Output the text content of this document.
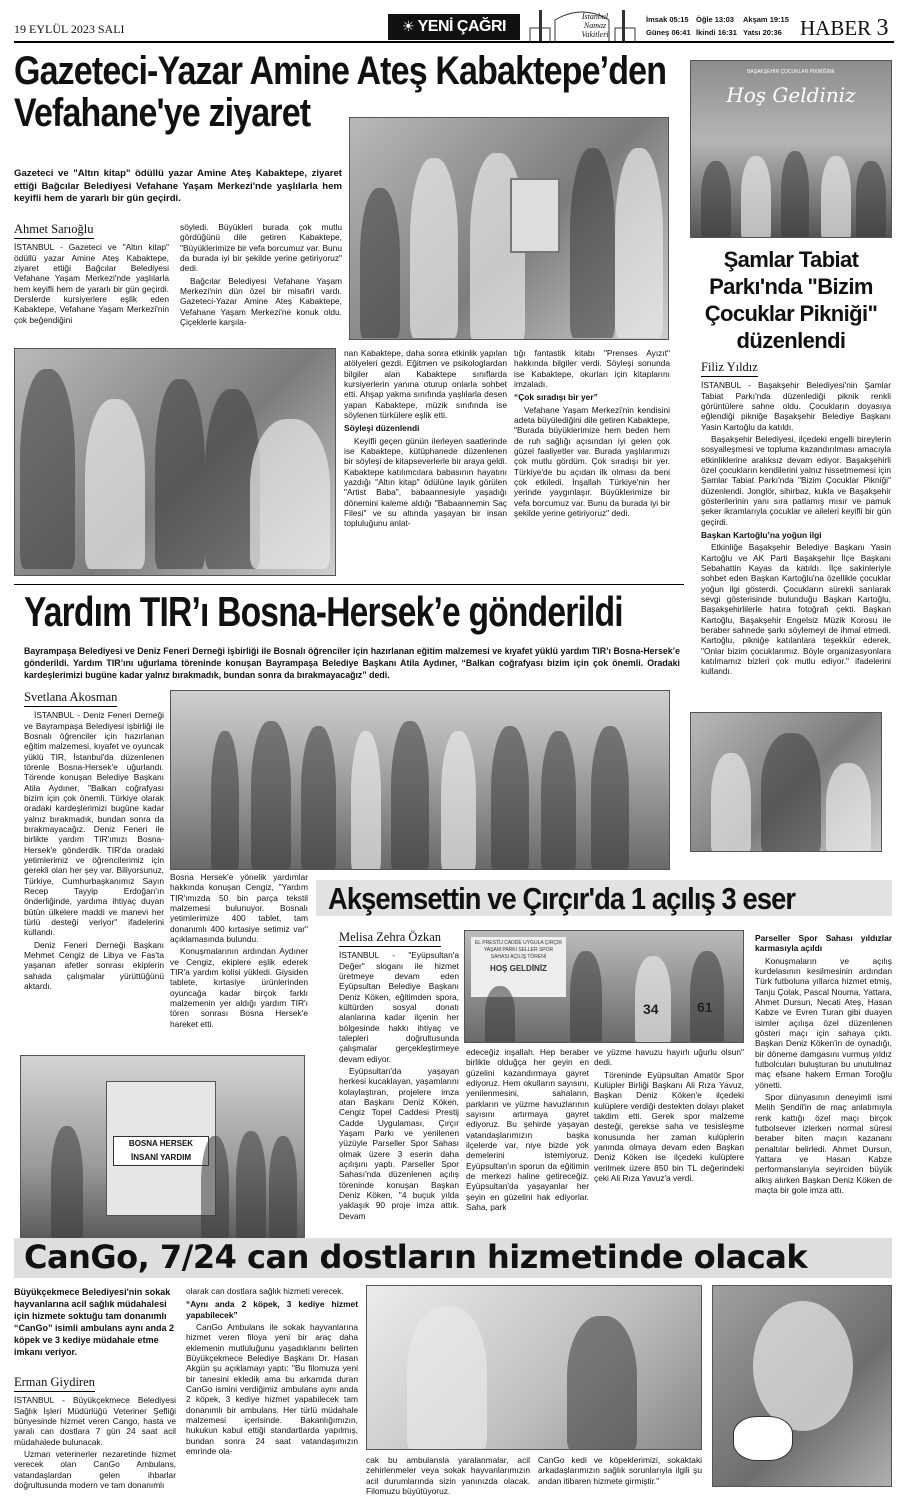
19 EYLÜL 2023 SALI	☀ YENİ ÇAĞRI
İstanbul
Namaz
Vakitleri
İmsak 05:15 Öğle 13:03	Akşam 19:15
Güneş 06:41 İkindi 16:31 Yatsı 20:36 HABER 3
Gazeteci-Yazar Amine Ateş Kabaktepe’den
Vefahane'ye ziyaret
Gazeteci ve "Altın kitap" ödüllü yazar Amine Ateş Kabaktepe, ziyaret ettiği Bağcılar Belediyesi Vefahane Yaşam Merkezi'nde yaşlılarla hem keyifli hem de yararlı bir gün geçirdi.
Ahmet Sarıoğlu

İSTANBUL - Gazeteci ve "Altın kitap" ödüllü yazar Amine Ateş Kabaktepe, ziyaret ettiği Bağcılar Belediyesi Vefahane Yaşam Merkezi'nde yaşlılarla hem keyifli hem de yararlı bir gün geçirdi. Derslerde kursiyerlere eşlik eden Kabaktepe, Vefahane Yaşam Merkezi'nin çok beğendiğini

söyledi. Büyükleri burada çok mutlu gördüğünü dile getiren Kabaktepe, "Büyüklerimize bir vefa borcumuz var. Bunu da burada iyi bir şekilde yerine getiriyoruz" dedi.

Bağcılar Belediyesi Vefahane Yaşam Merkezi'nin dün özel bir misafiri vardı. Gazeteci-Yazar Amine Ateş Kabaktepe, Vefahane Yaşam Merkezi'ne konuk oldu. Çiçeklerle karşıla-

nan Kabaktepe, daha sonra etkinlik yapılan atölyeleri gezdi. Eğitmen ve psikologlardan bilgiler alan Kabaktepe sınıflarda kursiyerlerin yanına oturup onlarla sohbet etti. Ahşap yakma sınıfında yaşlılarla desen yapan Kabaktepe, müzik sınıfında ise söylenen türkülere eşlik etti.

Söyleşi düzenlendi

Keyifli geçen günün ilerleyen saatlerinde ise Kabaktepe, kütüphanede düzenlenen bir söyleşi de kitapseverlerle bir araya geldi. Kabaktepe katılımcılara babasının hayatını yazdığı "Altın kitap" ödülüne layık görülen "Artist Baba", babaannesiyle yaşadığı dönemini kaleme aldığı "Babaannemin Saç Filesi" ve su altında yaşayan bir insan topluluğunu anlat-

tığı fantastik kitabı "Prenses Ayızıt" hakkında bilgiler verdi. Söyleşi sonunda ise Kabaktepe, okurları için kitaplarını imzaladı.

“Çok sıradışı bir yer”

Vefahane Yaşam Merkezi'nin kendisini adeta büyülediğini dile getiren Kabaktepe, "Burada büyüklerimize hem beden hem de ruh sağlığı açısından iyi gelen çok güzel faaliyetler var. Burada yaşlılarımızı çok mutlu gördüm. Çok sıradışı bir yer. Türkiye'de bu açıdan ilk olması da beni çok etkiledi. İnşallah Türkiye'nin her yerinde yaygınlaşır. Büyüklerimize bir vefa borcumuz var. Bunu da burada iyi bir şekilde yerine getiriyoruz" dedi.

BAŞAKŞEHİR ÇOCUKLAR PİKNİĞİNE
Hoş Geldiniz
Şamlar Tabiat Parkı'nda "Bizim Çocuklar Pikniği" düzenlendi
Filiz Yıldız

İSTANBUL - Başakşehir Belediyesi'nin Şamlar Tabiat Parkı'nda düzenlediği piknik renkli görüntülere sahne oldu. Çocukların doyasıya eğlendiği pikniğe Başakşehir Belediye Başkanı Yasin Kartoğlu da katıldı.

Başakşehir Belediyesi, ilçedeki engelli bireylerin sosyalleşmesi ve topluma kazandırılması amacıyla etkinliklerine aralıksız devam ediyor. Başakşehirli özel çocukların kendilerini yalnız hissetmemesi için Şamlar Tabiat Parkı'nda "Bizim Çocuklar Pikniği" düzenlendi. Jonglör, sihirbaz, kukla ve Başakşehir gösterilerinin yanı sıra patlamış mısır ve pamuk şeker ikramlarıyla çocuklar ve aileleri keyifli bir gün geçirdi.

Başkan Kartoğlu’na yoğun ilgi

Etkinliğe Başakşehir Belediye Başkanı Yasin Kartoğlu ve AK Parti Başakşehir İlçe Başkanı Sebahattin Kayas da katıldı. İlçe sakinleriyle sohbet eden Başkan Kartoğlu'na özellikle çocuklar yoğun ilgi gösterdi. Çocukların sürekli sarılarak sevgi gösterisinde bulunduğu Başkan Kartoğlu, Başakşehirlilerle hatıra fotoğrafı çekti. Başkan Kartoğlu, Başakşehir Engelsiz Müzik Korosu ile beraber sahnede şarkı söylemeyi de ihmal etmedi. Kartoğlu, pikniğe katılanlara teşekkür ederek, "Onlar bizim çocuklarımız. Böyle organizasyonlara katılmamız bizleri çok mutlu ediyor." ifadelerini kullandı.

Yardım TIR’ı Bosna-Hersek’e gönderildi
Bayrampaşa Belediyesi ve Deniz Feneri Derneği işbirliği ile Bosnalı öğrenciler için hazırlanan eğitim malzemesi ve kıyafet yüklü yardım TIR’ı Bosna-Hersek’e gönderildi. Yardım TIR’ını uğurlama töreninde konuşan Bayrampaşa Belediye Başkanı Atila Aydıner, “Balkan coğrafyası bizim için çok önemli. Oradaki kardeşlerimizi bugüne kadar yalnız bırakmadık, bundan sonra da bırakmayacağız” dedi.
Svetlana Akosman

İSTANBUL - Deniz Feneri Derneği ve Bayrampaşa Belediyesi işbirliği ile Bosnalı öğrenciler için hazırlanan eğitim malzemesi, kıyafet ve oyuncak yüklü TIR, İstanbul'da düzenlenen törenle Bosna-Hersek'e uğurlandı. Törende konuşan Belediye Başkanı Atila Aydıner, "Balkan coğrafyası bizim için çok önemli. Türkiye olarak oradaki kardeşlerimizi bugüne kadar yalnız bırakmadık, bundan sonra da bırakmayacağız. Deniz Feneri ile birlikte yardım TIR'ımızı Bosna-Hersek'e gönderdik. TIR'da oradaki yetimlerimiz ve öğrencilerimiz için gerekli olan her şey var. Biliyorsunuz, Türkiye, Cumhurbaşkanımız Sayın Recep Tayyip Erdoğan'ın önderliğinde, yardıma ihtiyaç duyan bütün ülkelere maddi ve manevi her türlü desteği veriyor" ifadelerini kullandı.

Deniz Feneri Derneği Başkanı Mehmet Cengiz de Libya ve Fas'ta yaşanan afetler sonrası ekiplerin sahada çalışmalar yürüttüğünü aktardı.

Bosna Hersek'e yönelik yardımlar hakkında konuşan Cengiz, "Yardım TIR'ımızda 50 bin parça tekstil malzemesi bulunuyor. Bosnalı yetimlerimize 400 tablet, tam donanımlı 400 kırtasiye setimiz var" açıklamasında bulundu.

Konuşmalarının ardından Aydıner ve Cengiz, ekiplere eşlik ederek TIR'a yardım kolisi yükledi. Giysiden tablete, kırtasiye ürünlerinden oyuncağa kadar birçok farklı malzemenin yer aldığı yardım TIR'ı tören sonrası Bosna Hersek'e hareket etti.

BOSNA HERSEK
İNSANİ YARDIM
Akşemsettin ve Çırçır'da 1 açılış 3 eser
Melisa Zehra Özkan

İSTANBUL - "Eyüpsultan'a Değer" sloganı ile hizmet üretmeye devam eden Eyüpsultan Belediye Başkanı Deniz Köken, eğitimden spora, kültürden sosyal donatı alanlarına kadar ilçenin her bölgesinde hakkı ihtiyaç ve talepleri doğrultusunda çalışmalar gerçekleştirmeye devam ediyor.

Eyüpsultan'da yaşayan herkesi kucaklayan, yaşamlarını kolaylaştıran, projelere imza atan Başkanı Deniz Köken, Cengiz Topel Caddesi Prestij Cadde Uygulaması, Çırçır Yaşam Parkı ve yenilenen yüzüyle Parseller Spor Sahası olmak üzere 3 eserin daha açılışını yaptı. Parseller Spor Sahası'nda düzenlenen açılış töreninde konuşan Başkan Deniz Köken, "4 buçuk yılda yaklaşık 90 proje imza attık. Devam

EL PRESTİJ CADDE UYGULA ÇIRÇIR YAŞAM PARKI SELLER SPOR SAHASI AÇILIŞ TÖRENİ
HOŞ GELDİNİZ
34	61

edeceğiz inşallah. Hep beraber birlikte olduğça her geyin en güzelini kazandırmaya gayret ediyoruz. Hem okulların sayısını, yenilenmesini, sahaların, parkların ve yüzme havuzlarının sayısını artırmaya gayret ediyoruz. Bu şehirde yaşayan vatandaşlarımızın başka ilçelerde var, niye bizde yok demelerini istemiyoruz. Eyüpsultan'ın sporun da eğitimin de merkezi haline getireceğiz. Eyüpsultan'da yaşayanlar her şeyin en güzelini hak ediyorlar. Saha, park

ve yüzme havuzu hayırlı uğurlu olsun" dedi.

Töreninde Eyüpsultan Amatör Spor Kulüpler Birliği Başkanı Ali Rıza Yavuz, Başkan Deniz Köken'e ilçedeki kulüplere verdiği destekten dolayı plaket takdim etti. Gerek spor malzeme desteği, gerekse saha ve tesisleşme konusunda her zaman kulüplerin yanında olmaya devam eden Başkan Deniz Köken ise ilçedeki kulüplere verilmek üzere 850 bin TL değerindeki çeki Ali Rıza Yavuz'a verdi.

Parseller Spor Sahası yıldızlar karmasıyla açıldı

Konuşmaların ve açılış kurdelasının kesilmesinin ardından Türk futboluna yıllarca hizmet etmiş, Tanju Çolak, Pascal Nouma, Yattara, Ahmet Dursun, Necati Ateş, Hasan Kabze ve Evren Turan gibi duayen isimler açılışa özel düzenlenen gösteri maçı için sahaya çıktı. Başkan Deniz Köken'in de oynadığı, bir döneme damgasını vurmuş yıldız futbolcuları buluşturan bu unutulmaz maç efsane hakem Erman Toroğlu yönetti.

Spor dünyasının deneyimli ismi Melih Şendil'in de maç anlatımıyla renk kattığı özel maçı birçok futbolsever izlerken normal süresi beraber biten maçın kazananı penaltılar belirledi. Ahmet Dursun, Yattara ve Hasan Kabze performanslarıyla seyirciden büyük alkış alırken Başkan Deniz Köken de maçta bir gole imza attı.

CanGo, 7/24 can dostların hizmetinde olacak
Büyükçekmece Belediyesi'nin sokak hayvanlarına acil sağlık müdahalesi için hizmete soktuğu tam donanımlı “CanGo” isimli ambulans aynı anda 2 köpek ve 3 kediye müdahale etme imkanı veriyor.
Erman Giydiren

İSTANBUL - Büyükçekmece Belediyesi Sağlık İşleri Müdürlüğü Veteriner Şefliği bünyesinde hizmet veren Cango, hasta ve yaralı can dostlara 7 gün 24 saat acil müdahalede bulunacak.

Uzman veterinerler nezaretinde hizmet verecek olan CanGo Ambulans, vatandaşlardan gelen ihbarlar doğrultusunda modern ve tam donanımlı

olarak can dostlara sağlık hizmeti verecek.

“Aynı anda 2 köpek, 3 kediye hizmet yapabilecek”

CanGo Ambulans ile sokak hayvanlarına hizmet veren filoya yeni bir araç daha eklemenin mutluluğunu yaşadıklarını belirten Büyükçekmece Belediye Başkanı Dr. Hasan Akgün şu açıklamayı yaptı: "Bu filomuza yeni bir tanesini ekledik ama bu arkamda duran CanGo ismini verdiğimiz ambulans aynı anda 2 köpek, 3 kediye hizmet yapabilecek tam donanımlı bir ambulans. Her türlü müdahale malzemesi içerisinde. Bakanlığımızın, hukukun kabul ettiği standartlarda yapılmış, bundan sonra 24 saat vatandaşımızın emrinde ola-

cak bu ambulansla yaralanmalar, acil zehirlenmeler veya sokak hayvanlarımızın acil durumlarında sizin yanınızda olacak. Filomuzu büyütüyoruz.

CanGo kedi ve köpeklerimizi, sokaktaki arkadaşlarımızın sağlık sorunlarıyla ilgili şu andan itibaren hizmete girmiştir."
